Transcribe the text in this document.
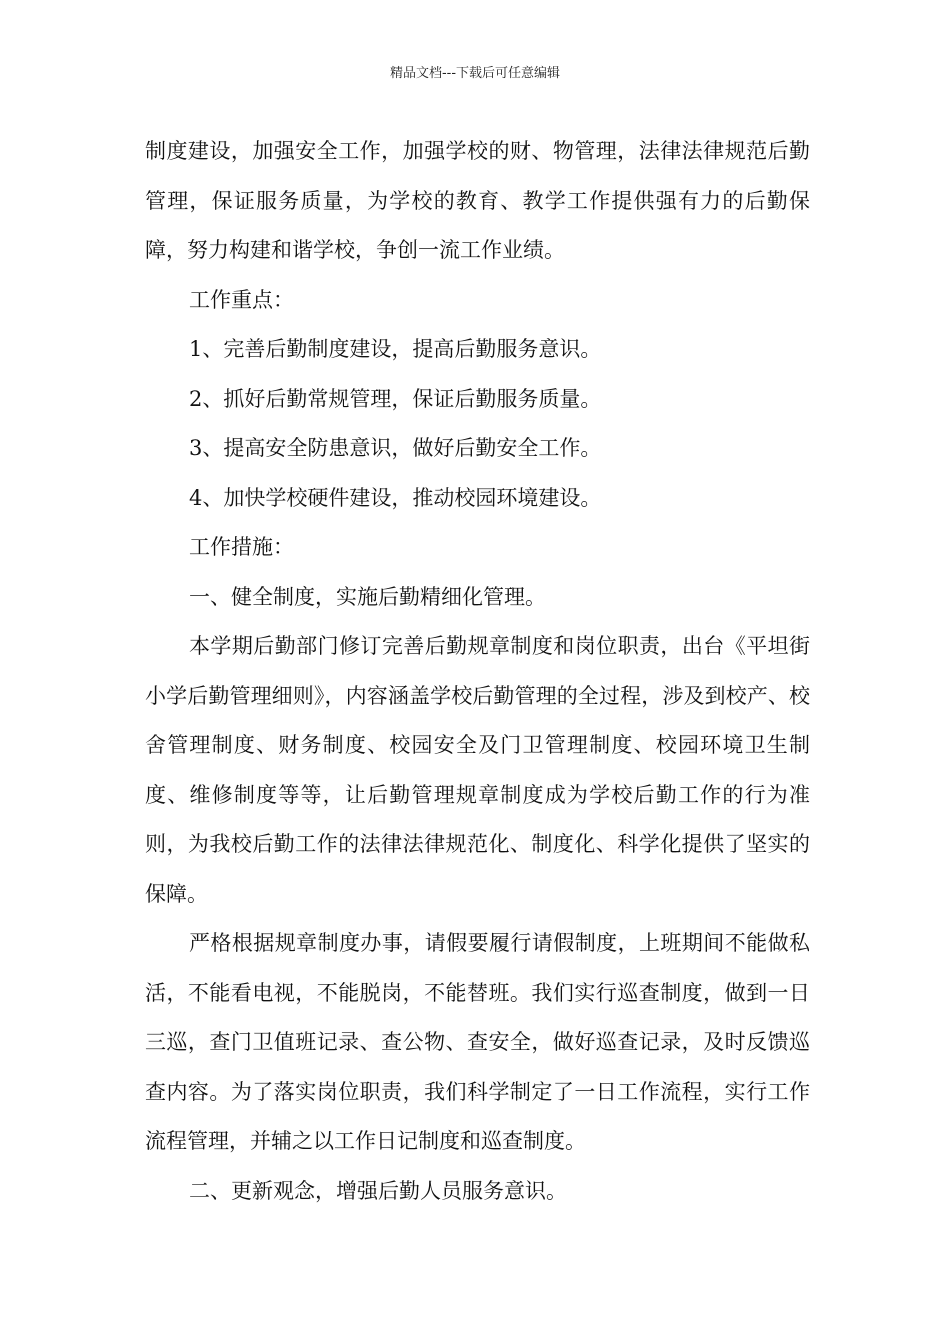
精品文档---下载后可任意编辑

制度建设，加强安全工作，加强学校的财、物管理，法律法律规范后勤管理，保证服务质量，为学校的教育、教学工作提供强有力的后勤保障，努力构建和谐学校，争创一流工作业绩。

工作重点：

1、完善后勤制度建设，提高后勤服务意识。

2、抓好后勤常规管理，保证后勤服务质量。

3、提高安全防患意识，做好后勤安全工作。

4、加快学校硬件建设，推动校园环境建设。

工作措施：

一、健全制度，实施后勤精细化管理。

本学期后勤部门修订完善后勤规章制度和岗位职责，出台《平坦街小学后勤管理细则》，内容涵盖学校后勤管理的全过程，涉及到校产、校舍管理制度、财务制度、校园安全及门卫管理制度、校园环境卫生制度、维修制度等等，让后勤管理规章制度成为学校后勤工作的行为准则，为我校后勤工作的法律法律规范化、制度化、科学化提供了坚实的保障。

严格根据规章制度办事，请假要履行请假制度，上班期间不能做私活，不能看电视，不能脱岗，不能替班。我们实行巡查制度，做到一日三巡，查门卫值班记录、查公物、查安全，做好巡查记录，及时反馈巡查内容。为了落实岗位职责，我们科学制定了一日工作流程，实行工作流程管理，并辅之以工作日记制度和巡查制度。

二、更新观念，增强后勤人员服务意识。
